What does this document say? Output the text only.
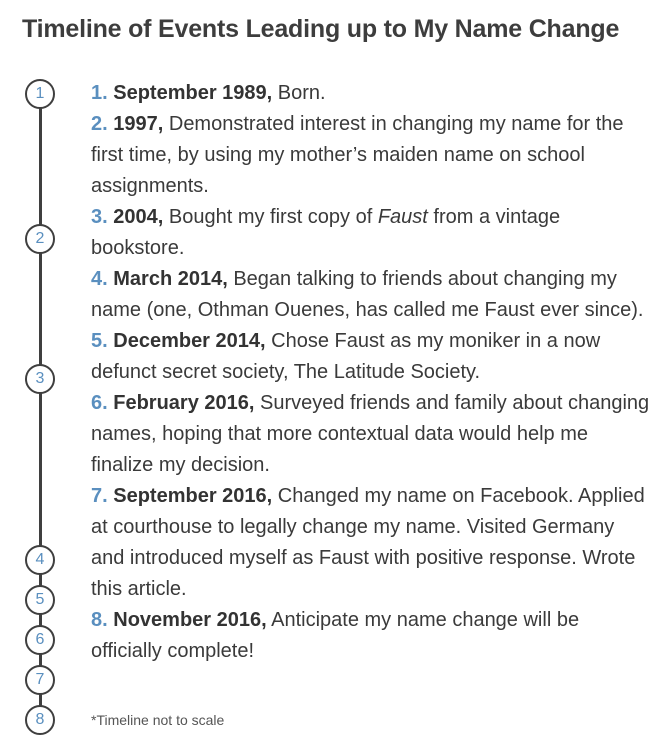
Timeline of Events Leading up to My Name Change
1
2
3
4
5
6
7
8
1. September 1989, Born.
2. 1997, Demonstrated interest in changing my name for the first time, by using my mother’s maiden name on school assignments.
3. 2004, Bought my first copy of Faust from a vintage bookstore.
4. March 2014, Began talking to friends about changing my name (one, Othman Ouenes, has called me Faust ever since).
5. December 2014, Chose Faust as my moniker in a now defunct secret society, The Latitude Society.
6. February 2016, Surveyed friends and family about changing names, hoping that more contextual data would help me finalize my decision.
7. September 2016, Changed my name on Facebook. Applied at courthouse to legally change my name. Visited Germany and introduced myself as Faust with positive response. Wrote this article.
8. November 2016, Anticipate my name change will be officially complete!
*Timeline not to scale
